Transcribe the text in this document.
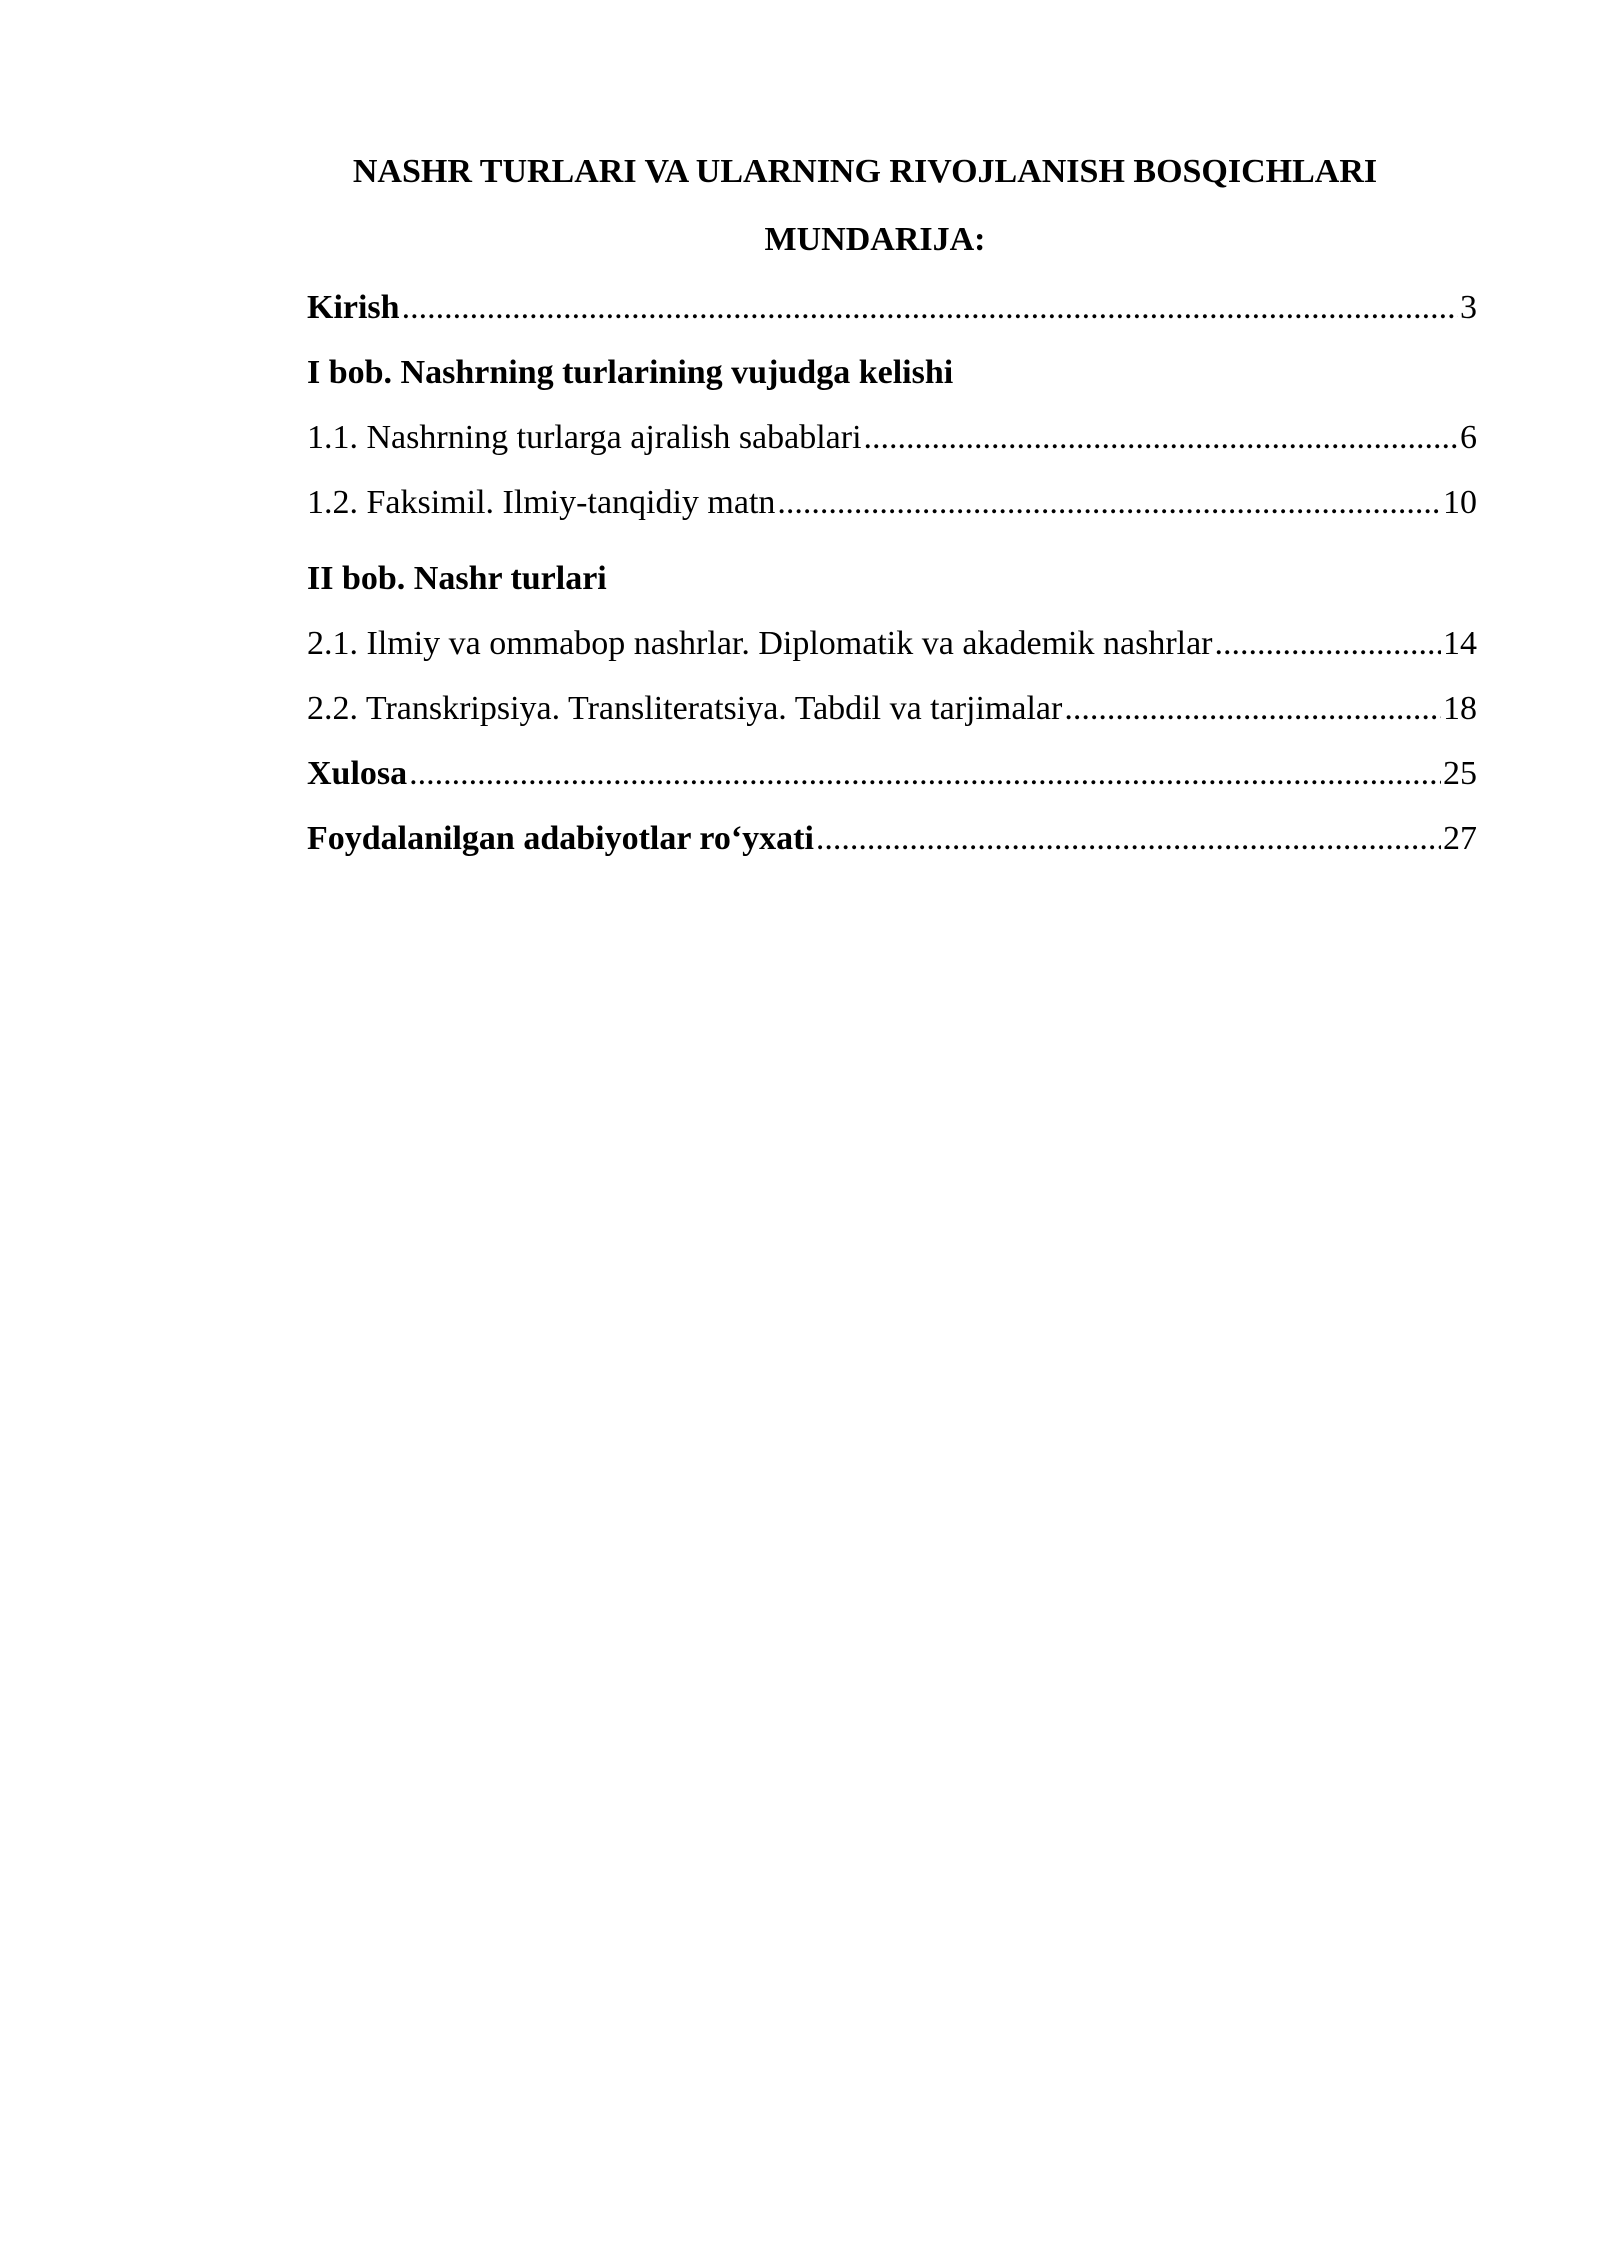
NASHR TURLARI VA ULARNING RIVOJLANISH BOSQICHLARI
MUNDARIJA:
Kirish .....	3
I bob. Nashrning turlarining vujudga kelishi
1.1. Nashrning turlarga ajralish sabablari .....	6
1.2. Faksimil. Ilmiy-tanqidiy matn .....	10
II bob. Nashr turlari
2.1. Ilmiy va ommabop nashrlar. Diplomatik va akademik nashrlar .....	14
2.2. Transkripsiya. Transliteratsiya. Tabdil va tarjimalar .....	18
Xulosa .....	25
Foydalanilgan adabiyotlar ro‘yxati .....	27
